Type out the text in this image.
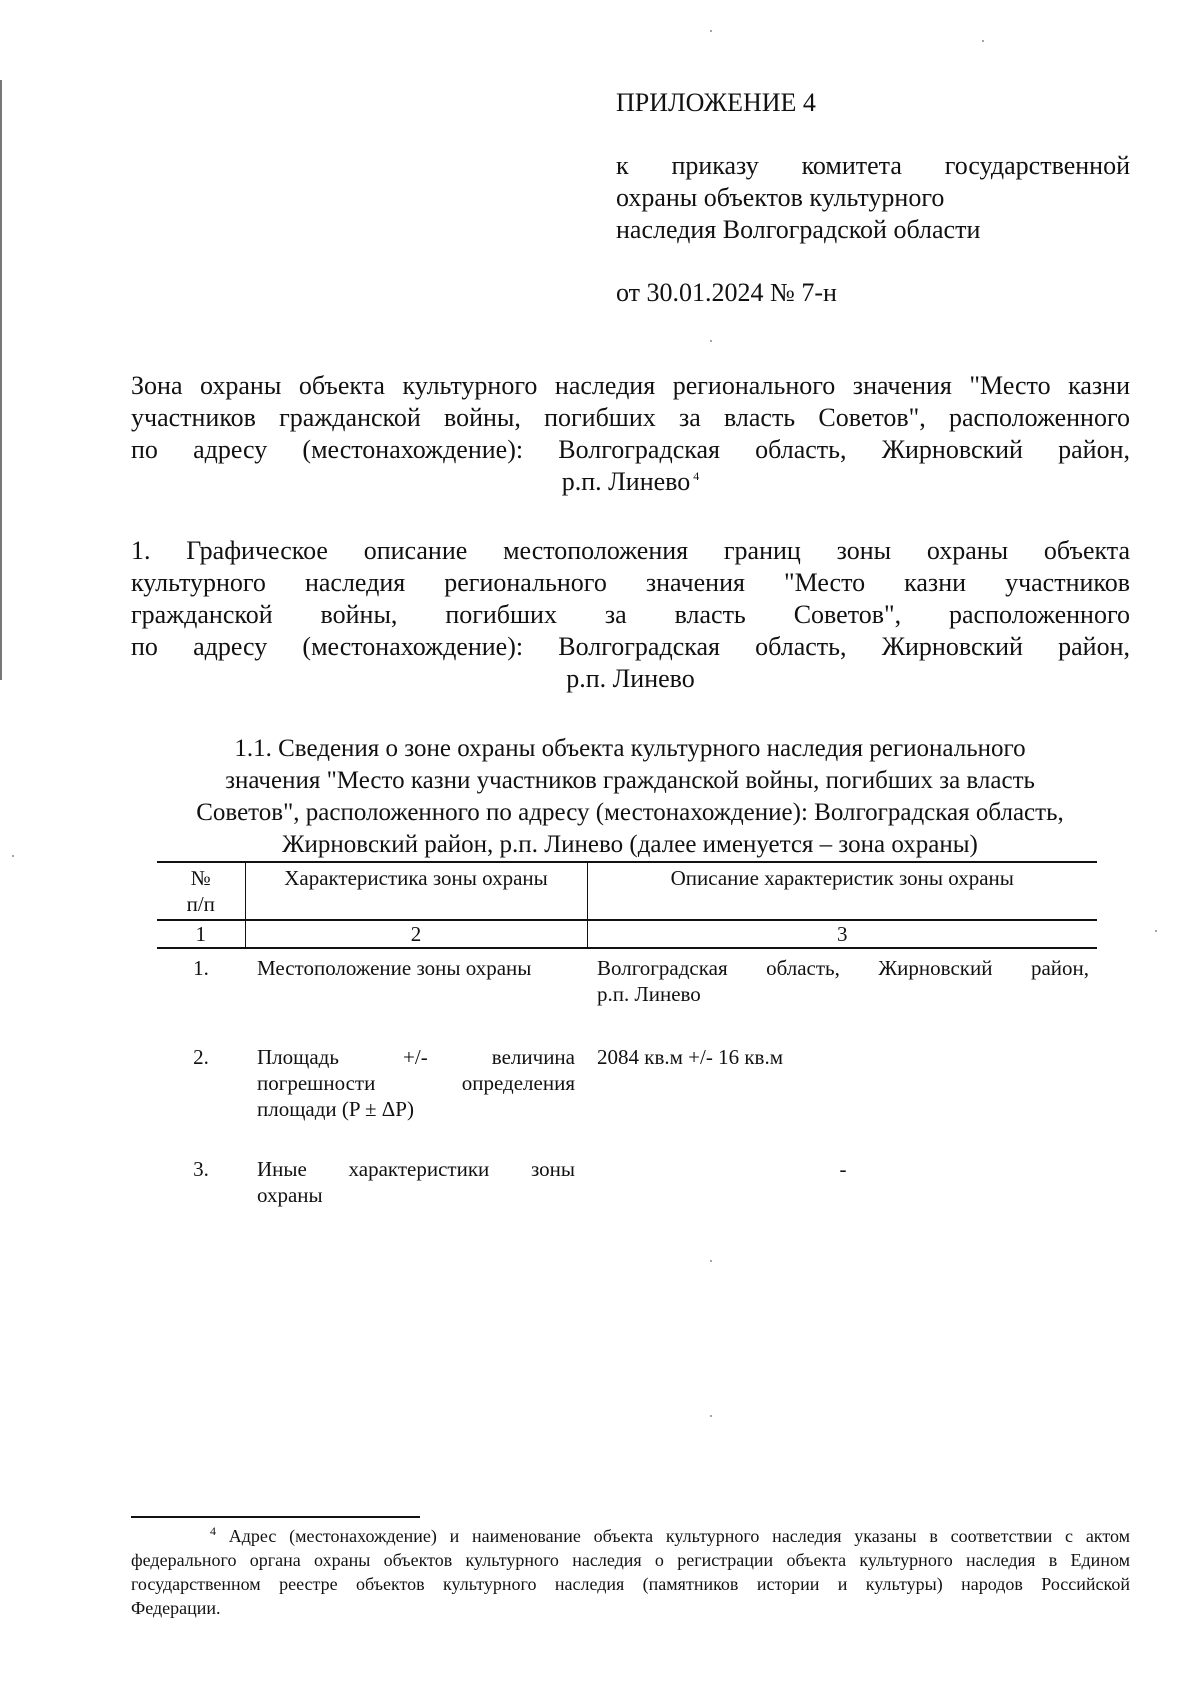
ПРИЛОЖЕНИЕ 4
к приказу комитета государственной
охраны объектов культурного
наследия Волгоградской области
от 30.01.2024 № 7-н
Зона охраны объекта культурного наследия регионального значения "Место казни
участников гражданской войны, погибших за власть Советов", расположенного
по адресу (местонахождение): Волгоградская область, Жирновский район,
р.п. Линево $^4$
1. Графическое описание местоположения границ зоны охраны объекта
культурного наследия регионального значения "Место казни участников
гражданской войны, погибших за власть Советов", расположенного
по адресу (местонахождение): Волгоградская область, Жирновский район,
р.п. Линево
1.1. Сведения о зоне охраны объекта культурного наследия регионального
значения "Место казни участников гражданской войны, погибших за власть
Советов", расположенного по адресу (местонахождение): Волгоградская область,
Жирновский район, р.п. Линево (далее именуется – зона охраны)
№
п/п	Характеристика зоны охраны	Описание характеристик зоны охраны
1	2	3
1.	Местоположение зоны охраны	Волгоградская область, Жирновский район,
р.п. Линево

2.	Площадь +/- величина
погрешности определения
площади (P ± ΔP)	2084 кв.м +/- 16 кв.м
3.	Иные характеристики зоны
охраны	-
$^4$ Адрес (местонахождение) и наименование объекта культурного наследия указаны в соответствии с актом
федерального органа охраны объектов культурного наследия о регистрации объекта культурного наследия в Едином
государственном реестре объектов культурного наследия (памятников истории и культуры) народов Российской
Федерации.
